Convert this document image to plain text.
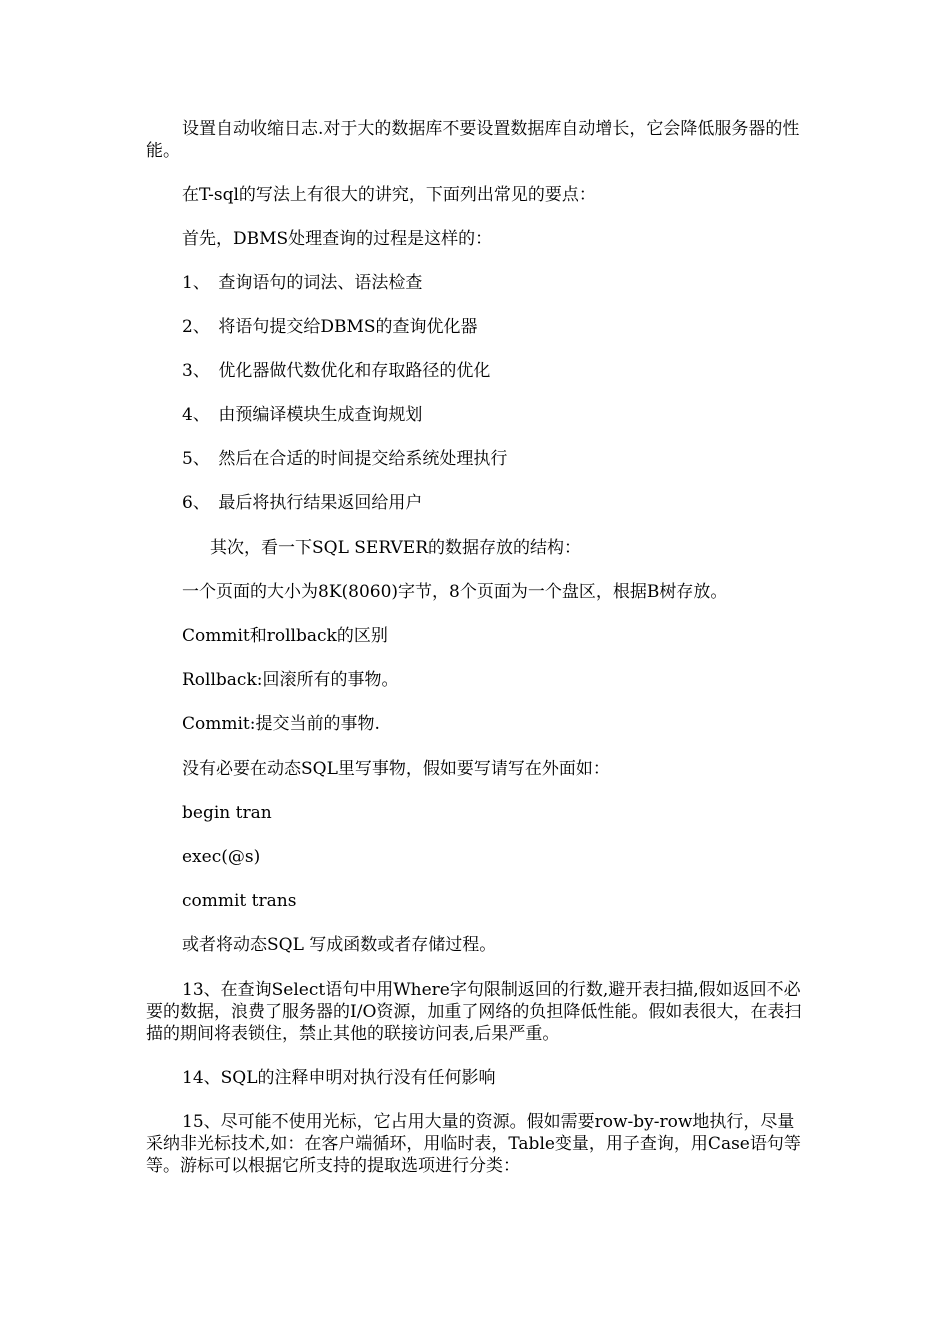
设置自动收缩日志.对于大的数据库不要设置数据库自动增长，它会降低服务器的性能。
在T-sql的写法上有很大的讲究，下面列出常见的要点：
首先，DBMS处理查询的过程是这样的：
1、　查询语句的词法、语法检查
2、　将语句提交给DBMS的查询优化器
3、　优化器做代数优化和存取路径的优化
4、　由预编译模块生成查询规划
5、　然后在合适的时间提交给系统处理执行
6、　最后将执行结果返回给用户
其次，看一下SQL SERVER的数据存放的结构：
一个页面的大小为8K(8060)字节，8个页面为一个盘区，根据B树存放。
Commit和rollback的区别
Rollback:回滚所有的事物。
Commit:提交当前的事物.
没有必要在动态SQL里写事物，假如要写请写在外面如：
begin tran
exec(@s)
commit trans
或者将动态SQL 写成函数或者存储过程。
13、在查询Select语句中用Where字句限制返回的行数,避开表扫描,假如返回不必要的数据，浪费了服务器的I/O资源，加重了网络的负担降低性能。假如表很大，在表扫描的期间将表锁住，禁止其他的联接访问表,后果严重。
14、SQL的注释申明对执行没有任何影响
15、尽可能不使用光标，它占用大量的资源。假如需要row-by-row地执行，尽量采纳非光标技术,如：在客户端循环，用临时表，Table变量，用子查询，用Case语句等等。游标可以根据它所支持的提取选项进行分类：
